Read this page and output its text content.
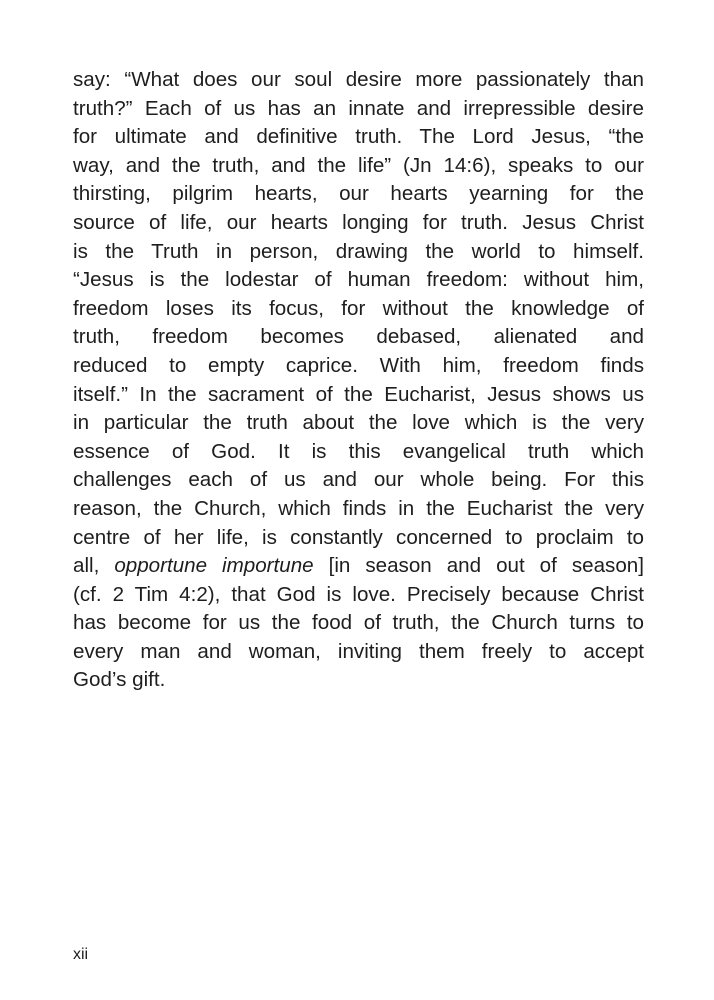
say: “What does our soul desire more passionately than
truth?” Each of us has an innate and irrepressible desire
for ultimate and definitive truth. The Lord Jesus, “the
way, and the truth, and the life” (Jn 14:6), speaks to our
thirsting, pilgrim hearts, our hearts yearning for the
source of life, our hearts longing for truth. Jesus Christ
is the Truth in person, drawing the world to himself.
“Jesus is the lodestar of human freedom: without him,
freedom loses its focus, for without the knowledge of
truth, freedom becomes debased, alienated and
reduced to empty caprice. With him, freedom finds
itself.” In the sacrament of the Eucharist, Jesus shows us
in particular the truth about the love which is the very
essence of God. It is this evangelical truth which
challenges each of us and our whole being. For this
reason, the Church, which finds in the Eucharist the very
centre of her life, is constantly concerned to proclaim to
all, opportune importune [in season and out of season]
(cf. 2 Tim 4:2), that God is love. Precisely because Christ
has become for us the food of truth, the Church turns to
every man and woman, inviting them freely to accept
God’s gift.
xii
